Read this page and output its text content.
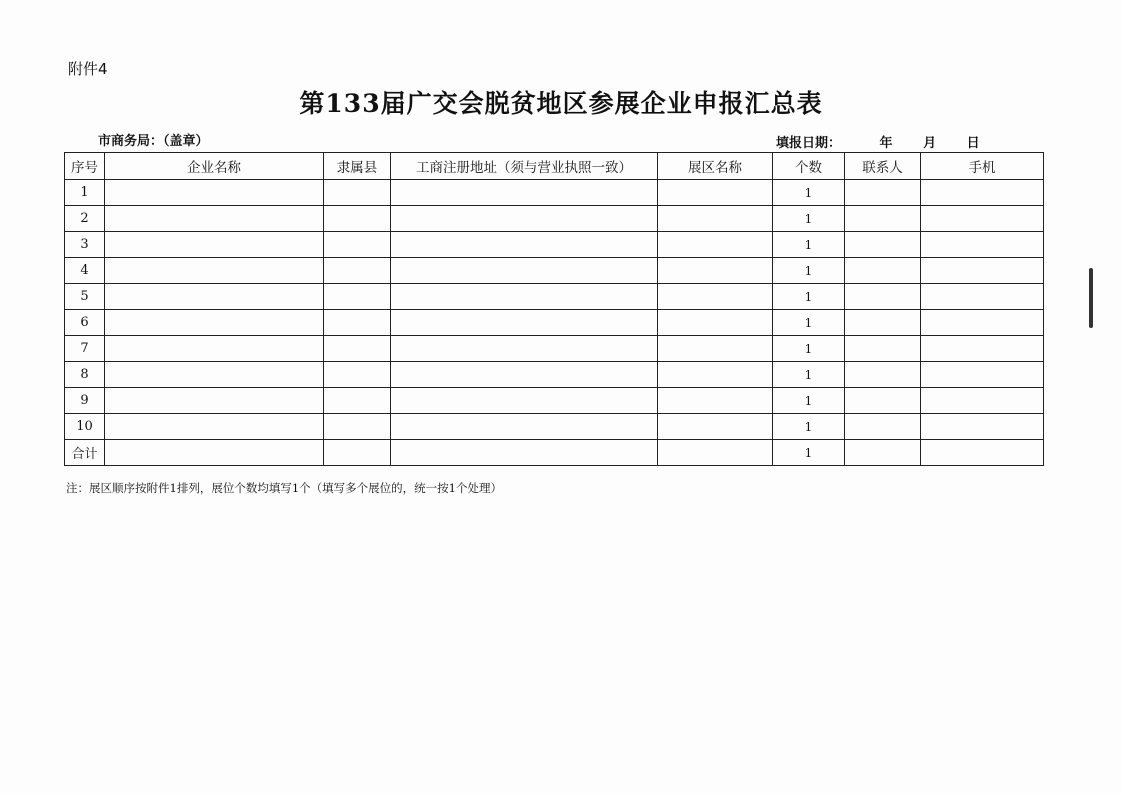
附件4
第133届广交会脱贫地区参展企业申报汇总表
市商务局：（盖章）	填报日期：	年 月 日
序号	企业名称	隶属县	工商注册地址（须与营业执照一致）	展区名称	个数	联系人	手机
1					1		
2					1		
3					1		
4					1		
5					1		
6					1		
7					1		
8					1		
9					1		
10					1		
合计					1		
注：展区顺序按附件1排列，展位个数均填写1个（填写多个展位的，统一按1个处理）
